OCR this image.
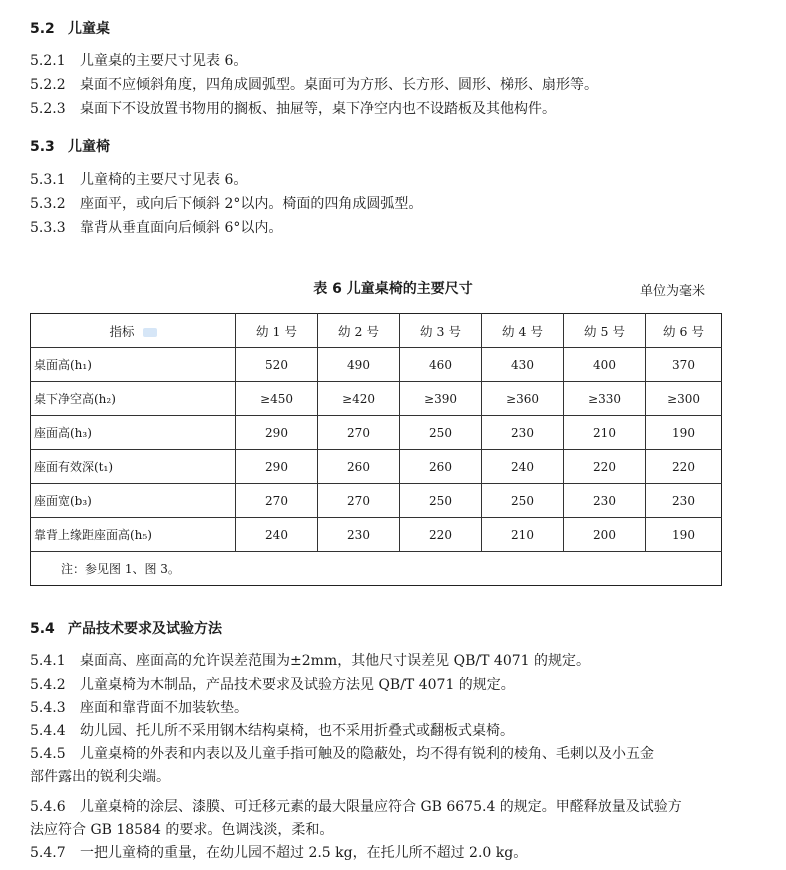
5.2 儿童桌
5.2.1 儿童桌的主要尺寸见表 6。
5.2.2 桌面不应倾斜角度，四角成圆弧型。桌面可为方形、长方形、圆形、梯形、扇形等。
5.2.3 桌面下不设放置书物用的搁板、抽屉等，桌下净空内也不设踏板及其他构件。
5.3 儿童椅
5.3.1 儿童椅的主要尺寸见表 6。
5.3.2 座面平，或向后下倾斜 2°以内。椅面的四角成圆弧型。
5.3.3 靠背从垂直面向后倾斜 6°以内。
表 6 儿童桌椅的主要尺寸	单位为毫米
指标	幼 1 号	幼 2 号	幼 3 号	幼 4 号	幼 5 号	幼 6 号
桌面高(h₁)	520	490	460	430	400	370
桌下净空高(h₂)	≥450	≥420	≥390	≥360	≥330	≥300
座面高(h₃)	290	270	250	230	210	190
座面有效深(t₁)	290	260	260	240	220	220
座面宽(b₃)	270	270	250	250	230	230
靠背上缘距座面高(h₅)	240	230	220	210	200	190
注：参见图 1、图 3。						
5.4 产品技术要求及试验方法
5.4.1 桌面高、座面高的允许误差范围为±2mm，其他尺寸误差见 QB/T 4071 的规定。
5.4.2 儿童桌椅为木制品，产品技术要求及试验方法见 QB/T 4071 的规定。
5.4.3 座面和靠背面不加装软垫。
5.4.4 幼儿园、托儿所不采用钢木结构桌椅，也不采用折叠式或翻板式桌椅。
5.4.5 儿童桌椅的外表和内表以及儿童手指可触及的隐蔽处，均不得有锐利的棱角、毛刺以及小五金
部件露出的锐利尖端。
5.4.6 儿童桌椅的涂层、漆膜、可迁移元素的最大限量应符合 GB 6675.4 的规定。甲醛释放量及试验方
法应符合 GB 18584 的要求。色调浅淡，柔和。
5.4.7 一把儿童椅的重量，在幼儿园不超过 2.5 kg，在托儿所不超过 2.0 kg。
